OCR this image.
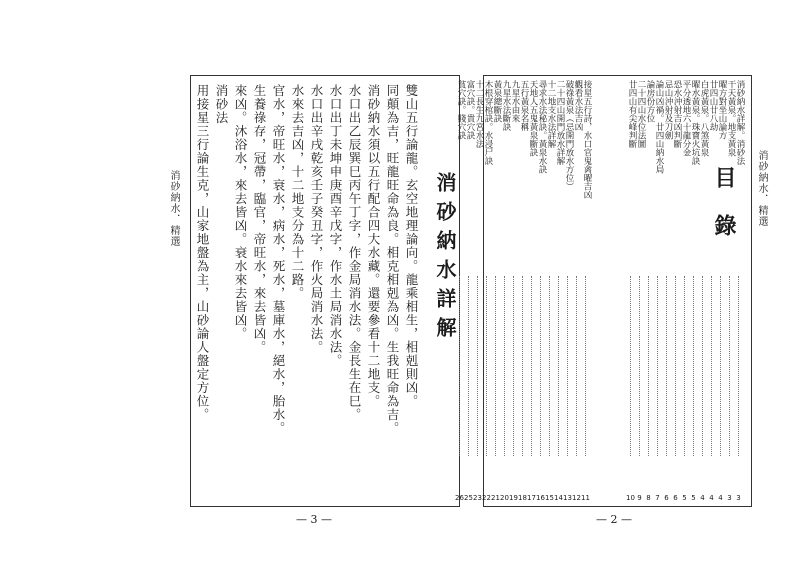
消砂納水．精選	消砂納水．精選
消砂納水詳解
雙山五行論龍。玄空地理論向。龍乘相生，相剋則凶。
同顛為吉，旺龍旺命為良。相克相剋為凶。生我旺命為吉。
消砂納水須以五行配合四大水藏。還要參看十二地支。
水口出乙辰巽巳丙午丁字，作金局消水法。金長生在巳。
水口出丁未坤申庚酉辛戊字，作水土局消水法。
水口出辛戌乾亥壬子癸丑字，作火局消水法。
水來去吉凶，十二地支分為十二路。
官水，帝旺水，衰水，病水，死水，墓庫水，絕水，胎水。
生養祿存，冠帶，臨官，帝旺水，來去皆凶。
來凶。沐浴水，來去皆凶。衰水來去皆凶。
消砂法
用接星三行論生克，山家地盤為主，山砂論人盤定方位。	目錄
消砂納水詳解。消砂法
3
干天黃泉。地支黃泉
3
曜方對坐山論方
4
廿四山廿八劫
4
白虎黃泉。八煞黃泉
4
曜水黃泉。珠寶火坑訣
5
平分透地六十龍分金
5
恐水沖射吉凶判斷
6
忌山沖射及刀劍
6
論山凶禍。廿四山納水局
7
論房份方位
8
二十四山水位法圖
9
廿四山有尖峰判斷
10
接星五行詩，水口官鬼禽曜吉凶
11
觀看水法吉凶
12
破祿黃泉（忌開門放水方位）
13
二十四山開門放水詳解
14
十二地支水法詳解
15
尋求水法秘訣。黃泉水訣
16
天地人五鬼黃泉斷訣
17
五行黃泉名稱
18
九星水由來
19
九星水法斷訣
20
黃泉總斷訣
21
木根穿棺訣。水浸尸訣
22
十二長生九宮水法
23
富穴訣。貴穴訣
25
貧穴訣。賤穴訣
26
— 3 —	— 2 —
